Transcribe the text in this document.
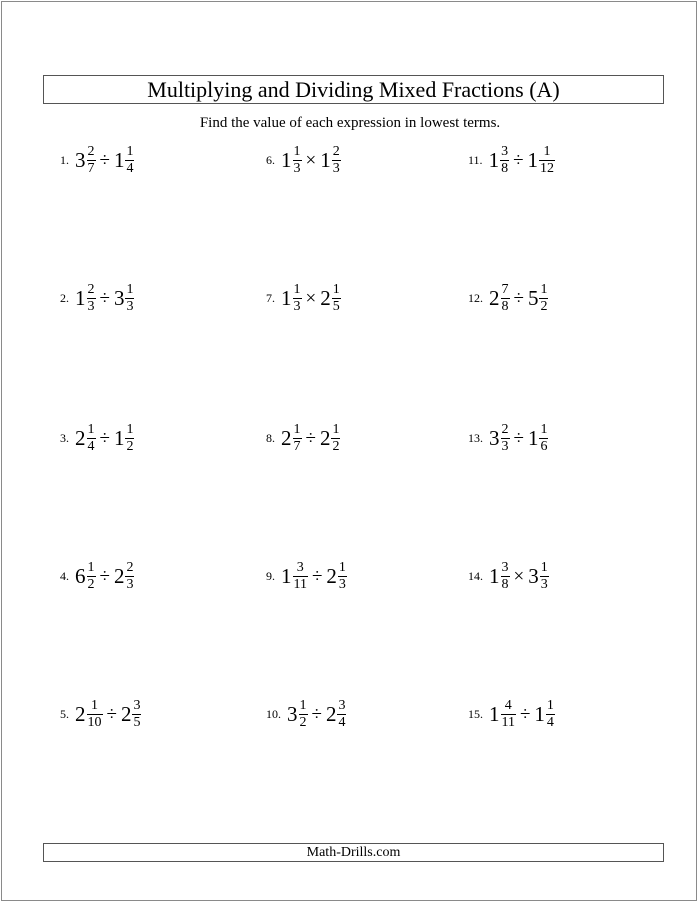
Multiplying and Dividing Mixed Fractions (A)
Find the value of each expression in lowest terms.
1. $3 \frac{2}{7} \div 1 \frac{1}{4}$
2. $1 \frac{2}{3} \div 3 \frac{1}{3}$
3. $2 \frac{1}{4} \div 1 \frac{1}{2}$
4. $6 \frac{1}{2} \div 2 \frac{2}{3}$
5. $2 \frac{1}{10} \div 2 \frac{3}{5}$
6. $1 \frac{1}{3} \times 1 \frac{2}{3}$
7. $1 \frac{1}{3} \times 2 \frac{1}{5}$
8. $2 \frac{1}{7} \div 2 \frac{1}{2}$
9. $1 \frac{3}{11} \div 2 \frac{1}{3}$
10. $3 \frac{1}{2} \div 2 \frac{3}{4}$
11. $1 \frac{3}{8} \div 1 \frac{1}{12}$
12. $2 \frac{7}{8} \div 5 \frac{1}{2}$
13. $3 \frac{2}{3} \div 1 \frac{1}{6}$
14. $1 \frac{3}{8} \times 3 \frac{1}{3}$
15. $1 \frac{4}{11} \div 1 \frac{1}{4}$
Math-Drills.com
